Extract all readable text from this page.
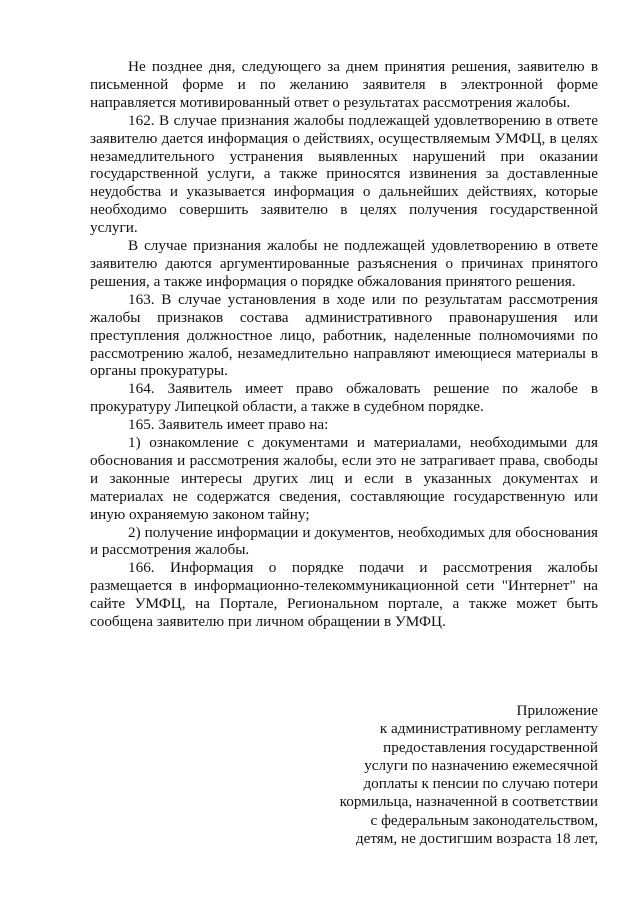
Не позднее дня, следующего за днем принятия решения, заявителю в письменной форме и по желанию заявителя в электронной форме направляется мотивированный ответ о результатах рассмотрения жалобы.

162. В случае признания жалобы подлежащей удовлетворению в ответе заявителю дается информация о действиях, осуществляемым УМФЦ, в целях незамедлительного устранения выявленных нарушений при оказании государственной услуги, а также приносятся извинения за доставленные неудобства и указывается информация о дальнейших действиях, которые необходимо совершить заявителю в целях получения государственной услуги.

В случае признания жалобы не подлежащей удовлетворению в ответе заявителю даются аргументированные разъяснения о причинах принятого решения, а также информация о порядке обжалования принятого решения.

163. В случае установления в ходе или по результатам рассмотрения жалобы признаков состава административного правонарушения или преступления должностное лицо, работник, наделенные полномочиями по рассмотрению жалоб, незамедлительно направляют имеющиеся материалы в органы прокуратуры.

164. Заявитель имеет право обжаловать решение по жалобе в прокуратуру Липецкой области, а также в судебном порядке.

165. Заявитель имеет право на:

1) ознакомление с документами и материалами, необходимыми для обоснования и рассмотрения жалобы, если это не затрагивает права, свободы и законные интересы других лиц и если в указанных документах и материалах не содержатся сведения, составляющие государственную или иную охраняемую законом тайну;

2) получение информации и документов, необходимых для обоснования и рассмотрения жалобы.

166. Информация о порядке подачи и рассмотрения жалобы размещается в информационно-телекоммуникационной сети "Интернет" на сайте УМФЦ, на Портале, Региональном портале, а также может быть сообщена заявителю при личном обращении в УМФЦ.

Приложение
к административному регламенту
предоставления государственной
услуги по назначению ежемесячной
доплаты к пенсии по случаю потери
кормильца, назначенной в соответствии
с федеральным законодательством,
детям, не достигшим возраста 18 лет,
